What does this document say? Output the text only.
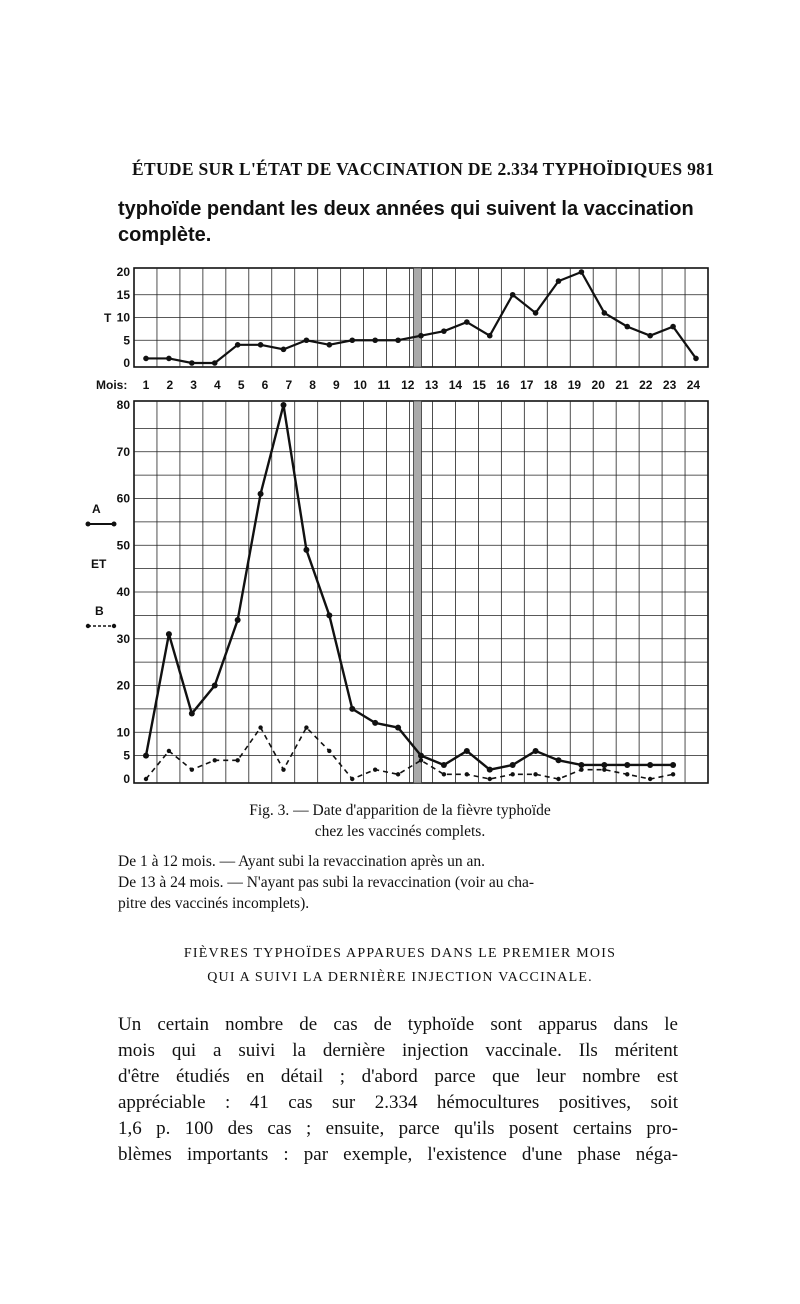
ÉTUDE SUR L'ÉTAT DE VACCINATION DE 2.334 TYPHOÏDIQUES 981

typhoïde pendant les deux années qui suivent la vaccination

complète.

0
5
10
15
20
T
Mois: 1 2 3 4 5 6 7 8 9 10 11 12 13 14 15 16 17 18 19 20 21 22 23 24
0
5
10
20
30
40
50
60
70
80
A
ET
B
Fig. 3. — Date d'apparition de la fièvre typhoïde
chez les vaccinés complets.

De 1 à 12 mois. — Ayant subi la revaccination après un an.

De 13 à 24 mois. — N'ayant pas subi la revaccination (voir au cha-

pitre des vaccinés incomplets).

FIÈVRES TYPHOÏDES APPARUES DANS LE PREMIER MOIS
QUI A SUIVI LA DERNIÈRE INJECTION VACCINALE.
Un certain nombre de cas de typhoïde sont apparus dans le
mois qui a suivi la dernière injection vaccinale. Ils méritent
d'être étudiés en détail ; d'abord parce que leur nombre est
appréciable : 41 cas sur 2.334 hémocultures positives, soit
1,6 p. 100 des cas ; ensuite, parce qu'ils posent certains pro-
blèmes importants : par exemple, l'existence d'une phase néga-
